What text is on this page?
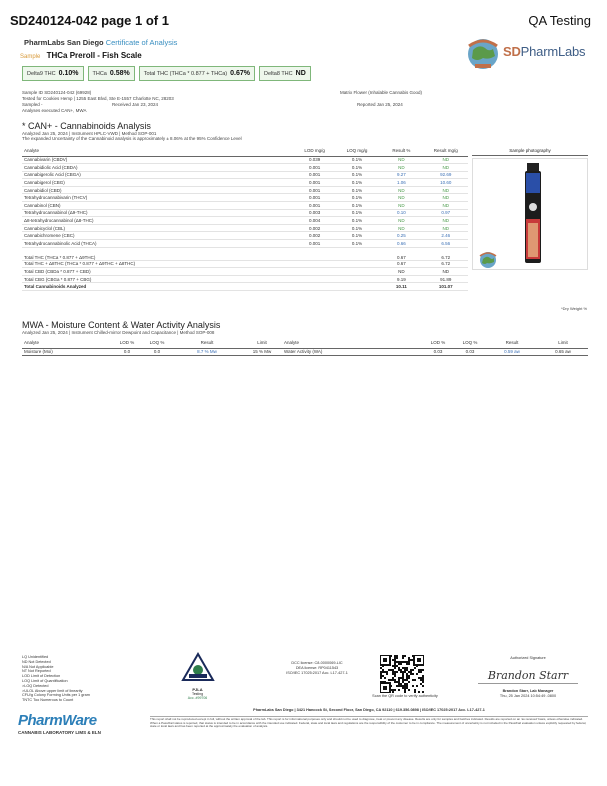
SD240124-042 page 1 of 1	QA Testing
PharmLabs San Diego Certificate of Analysis
Sample THCa Preroll - Fish Scale	SDPharmLabs
Delta9 THC 0.10%	THCa 0.58%	Total THC (THCa * 0.877 + THCa) 0.67%	Delta8 THC ND
Sample ID SD240124-042 (69928)	Matrix Flower (Inhalable Cannabis Good)
Tested for Cookies Hemp | 1255 East Blvd, Ste E-1557 Charlotte NC, 28203
Sampled -	Received Jan 23, 2024	Reported Jan 25, 2024
Analyses executed CAN+, MWA
* CAN+ - Cannabinoids Analysis
Analyzed Jan 25, 2024 | Instrument HPLC-VWD | Method SOP-001
The expanded Uncertainty of the Cannabinoid analysis is approximately ± 8.06% at the 95% Confidence Level
Analyte	LOD mg/g	LOQ mg/g	Result %	Result mg/g
Cannabivarin (CBDV)	0.039	0.1%	ND	ND
Cannabidiolic Acid (CBDA)	0.001	0.1%	ND	ND
Cannabigerolic Acid (CBGA)	0.001	0.1%	9.27	92.69
Cannabigerol (CBG)	0.001	0.1%	1.06	10.60
Cannabidiol (CBD)	0.001	0.1%	ND	ND
Tetrahydrocannabivarin (THCV)	0.001	0.1%	ND	ND
Cannabinol (CBN)	0.001	0.1%	ND	ND
Tetrahydrocannabinol (Δ9-THC)	0.003	0.1%	0.10	0.97
Δ8-tetrahydrocannabinol (Δ8-THC)	0.004	0.1%	ND	ND
Cannabicyclol (CBL)	0.002	0.1%	ND	ND
Cannabichromene (CBC)	0.002	0.1%	0.25	2.46
Tetrahydrocannabinolic Acid (THCA)	0.001	0.1%	0.66	6.56
Total THC (THCa * 0.877 + Δ9THC)			0.67	6.72
Total THC + Δ8THC (THCa * 0.877 + Δ9THC + Δ8THC)			0.67	6.72
Total CBD (CBDa * 0.877 + CBD)			ND	ND
Total CBG (CBGa * 0.877 + CBG)			9.19	91.89
Total Cannabinoids Analyzed			10.11	101.07
Sample photography
*Dry Weight %
MWA - Moisture Content & Water Activity Analysis
Analyzed Jan 25, 2024 | Instrument Chilled-mirror Dewpoint and Capacitance | Method SOP-008
Analyte	LOD %	LOQ %	Result	Limit	Analyte	LOD %	LOQ %	Result	Limit
Moisture (Moi)	0.0	0.0	8.7 % Mw	15 % Mw	Water Activity (WA)	0.03	0.03	0.59 aw	0.65 aw
LQ Unidentified
ND Not Detected
N/A Not Applicable
NT Not Reported
LOD Limit of Detection
LOQ Limit of Quantification
>LOQ Detected
>ULOL Above upper limit of linearity
CFU/g Colony Forming Units per 1 gram
TNTC Too Numerous to Count
PJLA
Testing
Acc. #99706
DCC license: C8-0000069-LIC
DEA license: RP0411543
ISO/IEC 17025:2017 Acc. L17-427-1
Scan the QR code to verify authenticity
Authorized Signature
Brandon Starr
Brandon Starr, Lab Manager
Thu, 25 Jan 2024 10:54:49 -0800
PharmWare
CANNABIS LABORATORY LIMS & ELN
PharmLabs San Diego | 3421 Hancock St, Second Floor, San Diego, CA 92110 | 619.356.0898 | ISO/IEC 17025:2017 Acc. L17-427-1
This report shall not be reproduced except in full, without the written approval of the lab. This report is for informational purposes only and should not be used to diagnose, treat or prevent any disease. Results are only for samples and batches indicated. Results are reported on an 'as received' basis, unless otherwise indicated. When a Pass/Fail status is reported, that status is intended to be in accordance with the intended use indicated. Federal, state and local laws and regulations are the responsibility of the customer to be in compliance. The measurement of uncertainty is not included in the Pass/Fail evaluation unless explicitly requested by federal, state or local laws and has been reported at the approximately the evaluation of analysis.
